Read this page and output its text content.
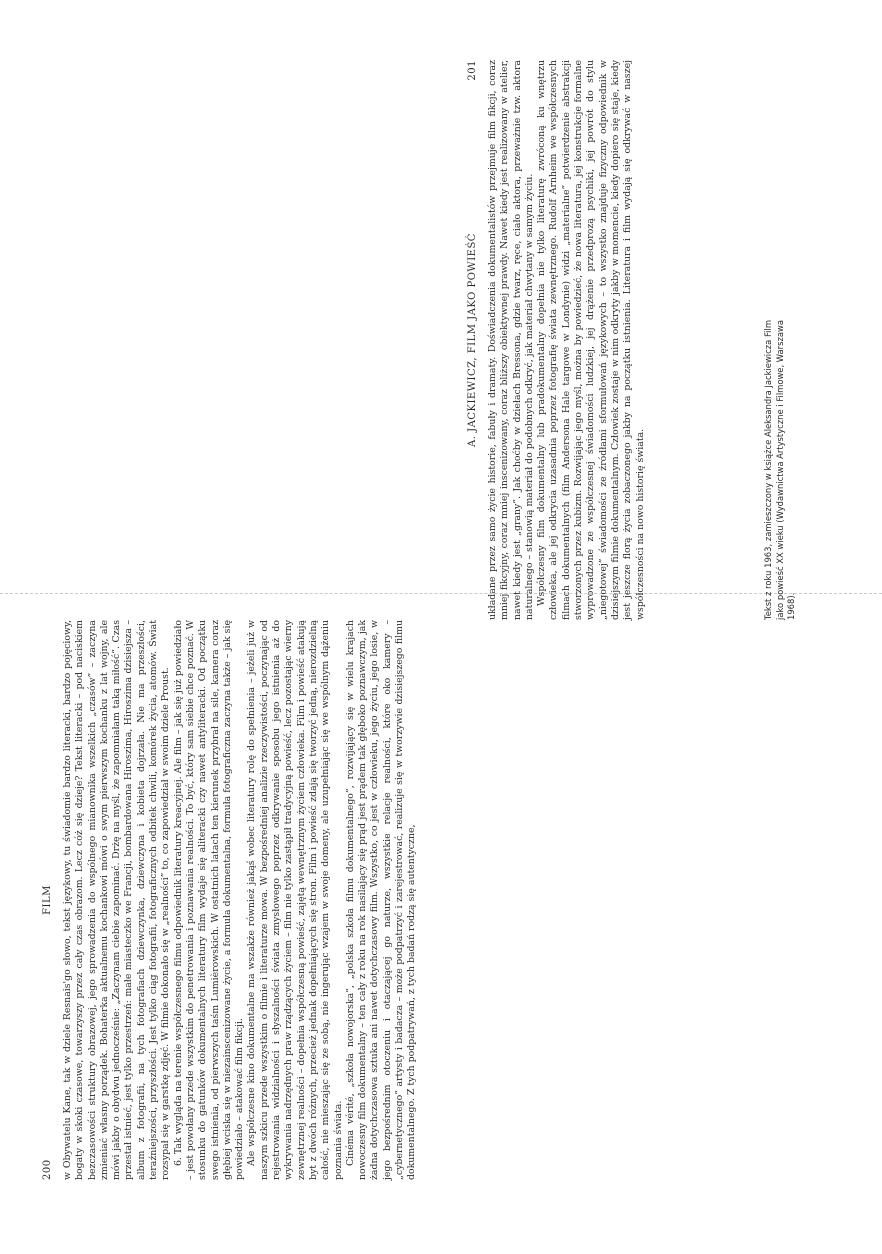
200
FILM w Obywatelu Kane, tak w dziele Resnais'go słowo, tekst językowy, tu świadomie bardzo literacki, bardzo pojęciowy, bogaty w skoki czasowe, towarzyszy przez cały czas obrazom. Lecz cóż się dzieje? Tekst literacki – pod naciskiem bezczasowości struktury obrazowej, jego sprowadzenia do wspólnego mianownika wszelkich „czasów” – zaczyna zmieniać własny porządek. Bohaterka aktualnemu kochankowi mówi o swym pierwszym kochanku z lat wojny, ale mówi jakby o obydwu jednocześnie: „Zaczynam ciebie zapominać. Drżę na myśl, że zapomniałam taką miłość”. Czas przestał istnieć, jest tylko przestrzeń: małe miasteczko we Francji, bombardowana Hiroszima, Hiroszima dzisiejsza – album z fotografii, na tych fotografiach dziewczynka, dziewczyna i kobieta dojrzała. Nie ma przeszłości, teraźniejszości, przyszłości. Jest tylko ciąg fotografii, fotograficznych odbitek chwili, komórek życia, atomów. Świat rozsypał się w garstkę zdjęć. W filmie dokonało się w „realności” to, co zapowiedział w swoim dziele Proust. 6. Tak wygląda na terenie współczesnego filmu odpowiednik literatury kreacyjnej. Ale film – jak się już powiedziało – jest powołany przede wszystkim do penetrowania i poznawania realności. To być, który sam siebie chce poznać. W stosunku do gatunków dokumentalnych literatury film wydaje się aliteracki czy nawet antyliteracki. Od początku swego istnienia, od pierwszych taśm Lumièrowskich. W ostatnich latach ten kierunek przybrał na sile, kamera coraz głębiej wciska się w niezainscenizowane życie, a formuła dokumentalna, formuła fotograficzna zaczyna także – jak się powiedziało – atakować film fikcji. Ale współczesne kino dokumentalne ma wszakże również jakąś wobec literatury rolę do spełnienia – jeżeli już w naszym szkicu przede wszystkim o filmie i literaturze mowa. W bezpośredniej analizie rzeczywistości, poczynając od rejestrowania widzialności i słyszalności świata zmysłowego poprzez odkrywanie sposobu jego istnienia aż do wykrywania nadrzędnych praw rządzących życiem – film nie tylko zastąpił tradycyjną powieść, lecz pozostając wierny zewnętrznej realności – dopełnia współczesną powieść, zajętą wewnętrznym życiem człowieka. Film i powieść atakują byt z dwóch różnych, przecież jednak dopełniających się stron. Film i powieść zdają się tworzyć jedną, nierozdzielną całość, nie mieszając się ze sobą, nie ingerując wzajem w swoje domeny, ale uzupełniając się we wspólnym dążeniu poznania świata. Cinéma vérité, „szkoła nowojorska”, „polska szkoła filmu dokumentalnego”, rozwijający się w wielu krajach nowoczesny film dokumentalny – ten cały z roku na rok nasilający się prąd jest prądem tak głęboko poznawczym, jak żadna dotychczasowa sztuka ani nawet dotychczasowy film. Wszystko, co jest w człowieku, jego życiu, jego losie, w jego bezpośrednim otoczeniu i otaczającej go naturze, wszystkie relacje realności, które oko kamery – „cybernetycznego” artysty i badacza – może podpatrzyć i zarejestrować, realizuje się w tworzywie dzisiejszego filmu dokumentalnego. Z tych podpatrywań, z tych badań rodzą się autentyczne,

A. JACKIEWICZ, FILM JAKO POWIEŚĆ
201 układane przez samo życie historie, fabuły i dramaty. Doświadczenia dokumentalistów przejmuje film fikcji, coraz mniej fikcyjny, coraz mniej inscenizowany, coraz bliższy obiektywnej prawdy. Nawet kiedy jest realizowany w atelier, nawet kiedy jest „grany”. Jak choćby w dziełach Bressona, gdzie twarz, ręce, ciało aktora, przeważnie tzw. aktora naturalnego – stanowią materiał do podobnych odkryć, jak materiał chwytany w samym życiu. Współczesny film dokumentalny lub pradokumentalny dopełnia nie tylko literaturę zwróconą ku wnętrzu człowieka, ale jej odkrycia uzasadnia poprzez fotografię świata zewnętrznego. Rudolf Arnheim we współczesnych filmach dokumentalnych (film Andersona Hale targowe w Londynie) widzi „materialne” potwierdzenie abstrakcji stworzonych przez kubizm. Rozwijając jego myśl, można by powiedzieć, że nowa literatura, jej konstrukcje formalne wyprowadzone ze współczesnej świadomości ludzkiej, jej drążenie przedprozą psychiki, jej powrót do stylu „niegotowej” świadomości ze źródłami sformułowań językowych – to wszystko znajduje fizyczny odpowiednik w dzisiejszym filmie dokumentalnym. Człowiek zostaje w nim odkryty jakby w momencie, kiedy dopiero się staje, kiedy jest jeszcze florą życia zobaczonego jakby na początku istnienia. Literatura i film wydają się odkrywać w naszej współczesności na nowo historię świata.	Tekst z roku 1963, zamieszczony w książce Aleksandra Jackiewicza Film jako powieść XX wieku (Wydawnictwa Artystyczne i Filmowe, Warszawa 1968).
